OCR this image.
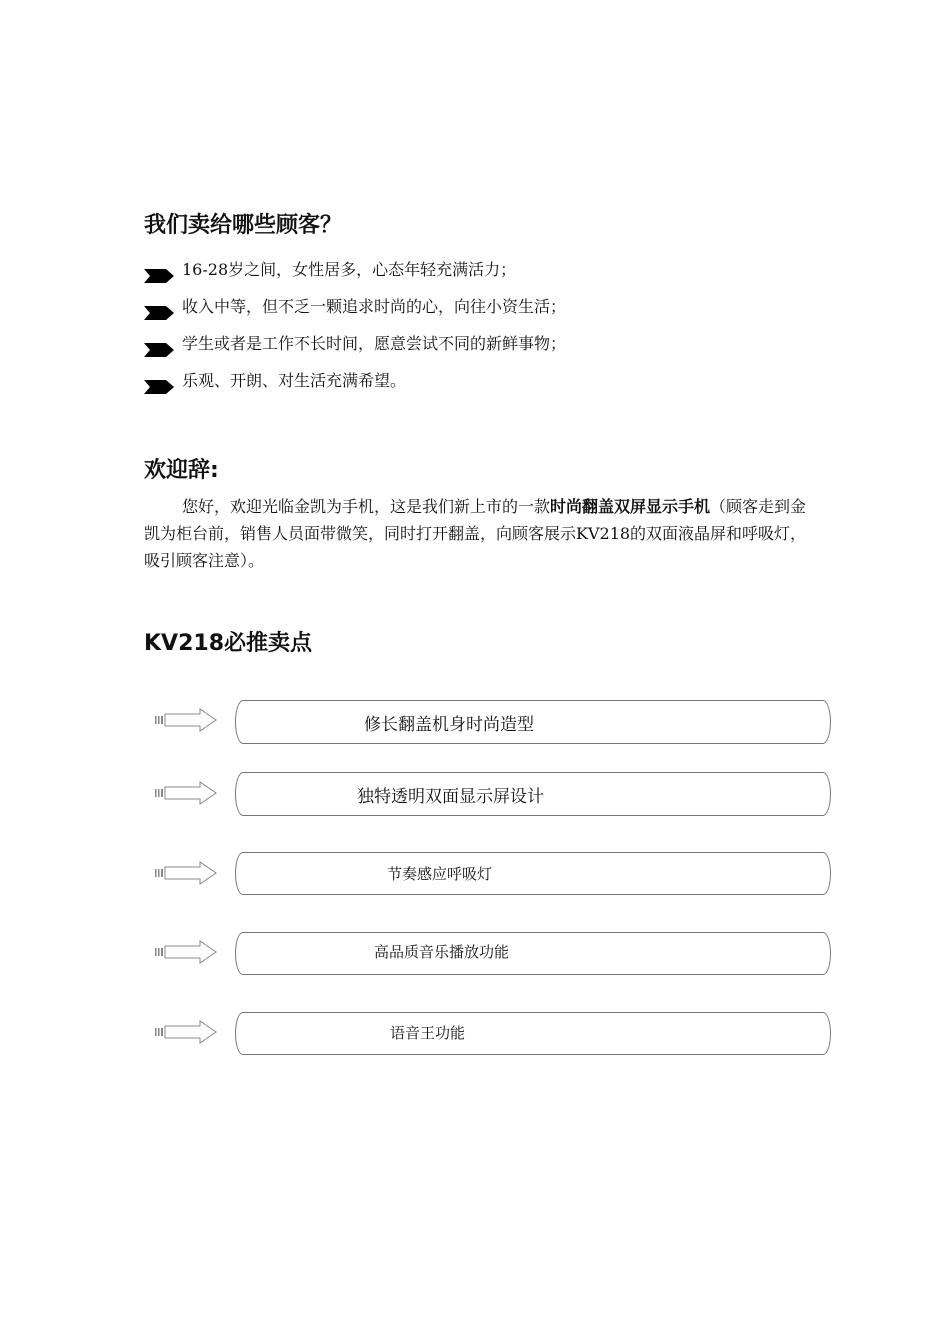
我们卖给哪些顾客？
16-28岁之间，女性居多，心态年轻充满活力；
收入中等，但不乏一颗追求时尚的心，向往小资生活；
学生或者是工作不长时间，愿意尝试不同的新鲜事物；
乐观、开朗、对生活充满希望。
欢迎辞:

您好，欢迎光临金凯为手机，这是我们新上市的一款时尚翻盖双屏显示手机（顾客走到金凯为柜台前，销售人员面带微笑，同时打开翻盖，向顾客展示KV218的双面液晶屏和呼吸灯，吸引顾客注意）。

KV218必推卖点
修长翻盖机身时尚造型
独特透明双面显示屏设计
节奏感应呼吸灯
高品质音乐播放功能
语音王功能
